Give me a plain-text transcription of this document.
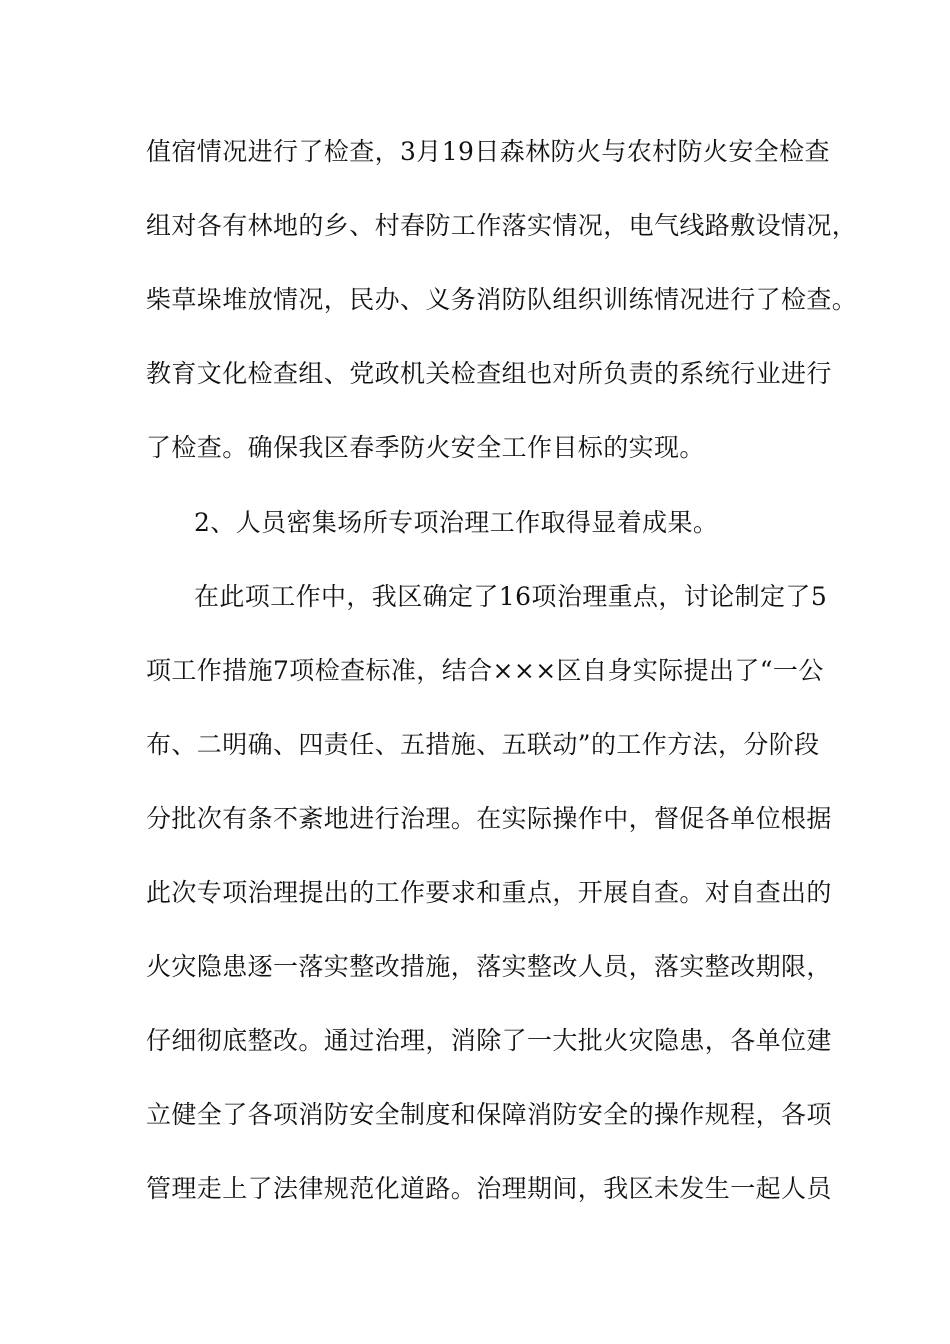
值宿情况进行了检查，3月19日森林防火与农村防火安全检查
组对各有林地的乡、村春防工作落实情况，电气线路敷设情况，
柴草垛堆放情况，民办、义务消防队组织训练情况进行了检查。
教育文化检查组、党政机关检查组也对所负责的系统行业进行
了检查。确保我区春季防火安全工作目标的实现。
2、人员密集场所专项治理工作取得显着成果。
在此项工作中，我区确定了16项治理重点，讨论制定了5
项工作措施7项检查标准，结合×××区自身实际提出了“一公
布、二明确、四责任、五措施、五联动”的工作方法，分阶段
分批次有条不紊地进行治理。在实际操作中，督促各单位根据
此次专项治理提出的工作要求和重点，开展自查。对自查出的
火灾隐患逐一落实整改措施，落实整改人员，落实整改期限，
仔细彻底整改。通过治理，消除了一大批火灾隐患，各单位建
立健全了各项消防安全制度和保障消防安全的操作规程，各项
管理走上了法律规范化道路。治理期间，我区未发生一起人员
